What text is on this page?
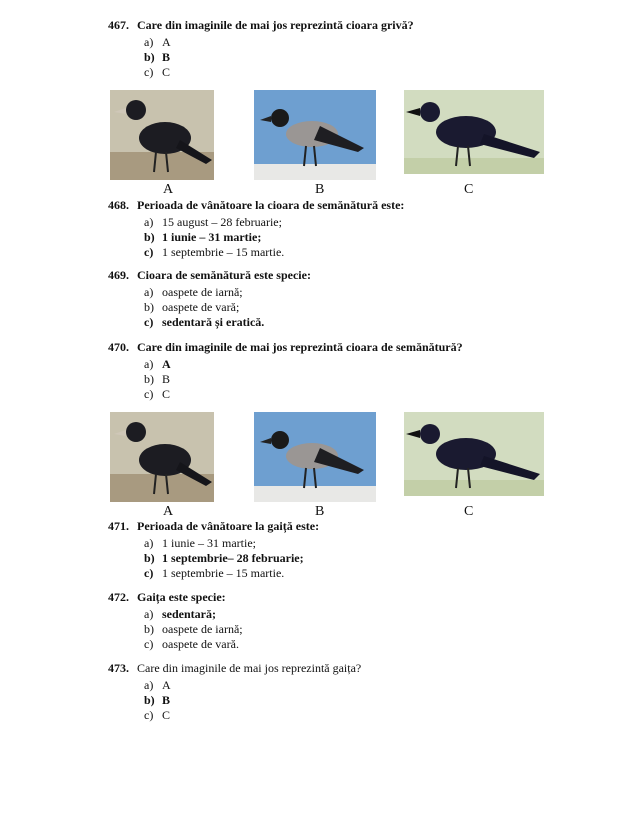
467. Care din imaginile de mai jos reprezintă cioara grivă?
a) A
b) B
c) C
A	B	C
468. Perioada de vânătoare la cioara de semănătură este:
a) 15 august – 28 februarie;
b) 1 iunie – 31 martie;
c) 1 septembrie – 15 martie.
469. Cioara de semănătură este specie:
a) oaspete de iarnă;
b) oaspete de vară;
c) sedentară și eratică.
470. Care din imaginile de mai jos reprezintă cioara de semănătură?
a) A
b) B
c) C
A	B	C
471. Perioada de vânătoare la gaiță este:
a) 1 iunie – 31 martie;
b) 1 septembrie– 28 februarie;
c) 1 septembrie – 15 martie.
472. Gaița este specie:
a) sedentară;
b) oaspete de iarnă;
c) oaspete de vară.
473. Care din imaginile de mai jos reprezintă gaița?
a) A
b) B
c) C
